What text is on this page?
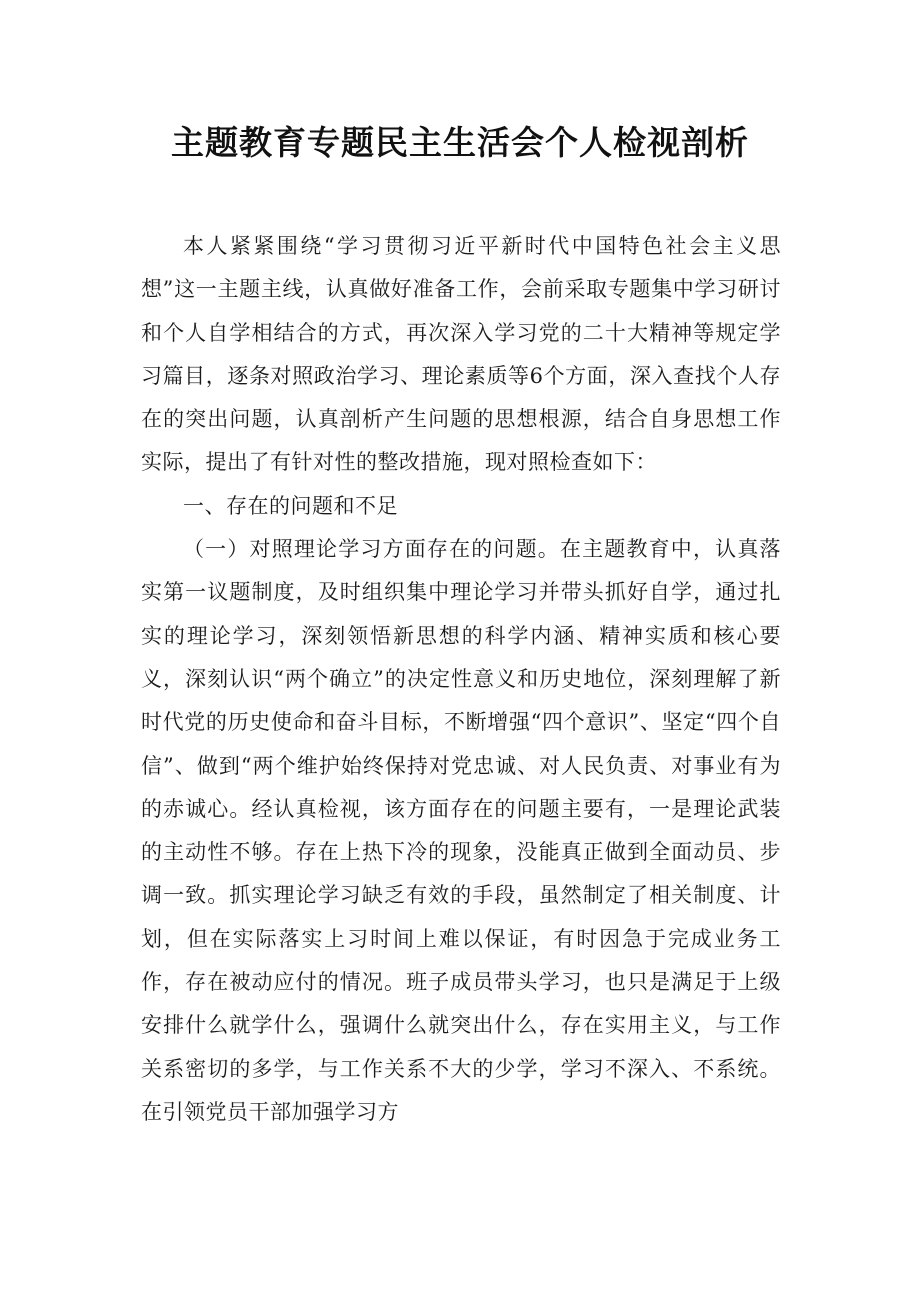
主题教育专题民主生活会个人检视剖析

本人紧紧围绕“学习贯彻习近平新时代中国特色社会主义思想”这一主题主线，认真做好准备工作，会前采取专题集中学习研讨和个人自学相结合的方式，再次深入学习党的二十大精神等规定学习篇目，逐条对照政治学习、理论素质等6个方面，深入查找个人存在的突出问题，认真剖析产生问题的思想根源，结合自身思想工作实际，提出了有针对性的整改措施，现对照检查如下：

一、存在的问题和不足

（一）对照理论学习方面存在的问题。在主题教育中，认真落实第一议题制度，及时组织集中理论学习并带头抓好自学，通过扎实的理论学习，深刻领悟新思想的科学内涵、精神实质和核心要义，深刻认识“两个确立”的决定性意义和历史地位，深刻理解了新时代党的历史使命和奋斗目标，不断增强“四个意识”、坚定“四个自信”、做到“两个维护始终保持对党忠诚、对人民负责、对事业有为的赤诚心。经认真检视，该方面存在的问题主要有，一是理论武装的主动性不够。存在上热下冷的现象，没能真正做到全面动员、步调一致。抓实理论学习缺乏有效的手段，虽然制定了相关制度、计划，但在实际落实上习时间上难以保证，有时因急于完成业务工作，存在被动应付的情况。班子成员带头学习，也只是满足于上级安排什么就学什么，强调什么就突出什么，存在实用主义，与工作关系密切的多学，与工作关系不大的少学，学习不深入、不系统。在引领党员干部加强学习方
